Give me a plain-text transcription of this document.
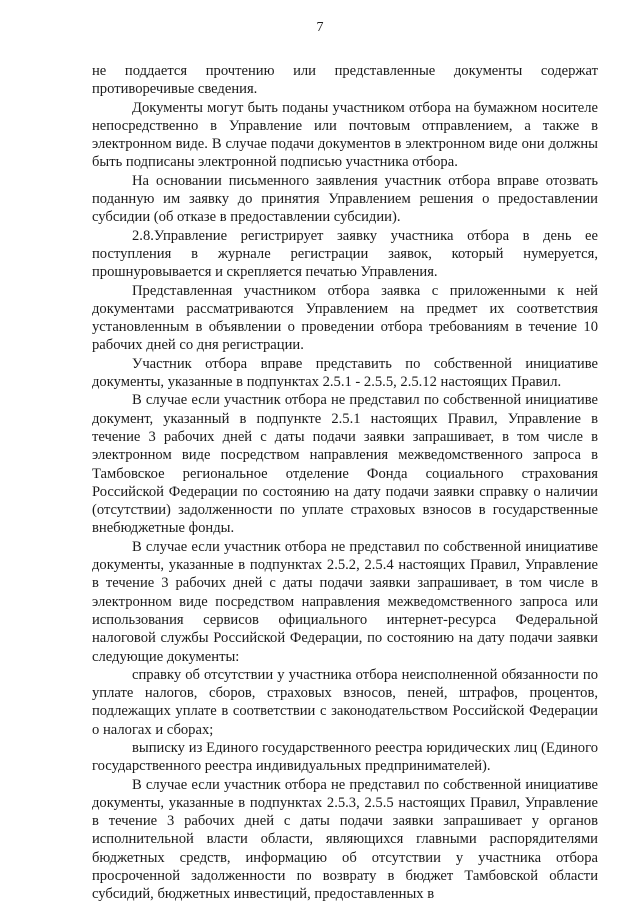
7

не поддается прочтению или представленные документы содержат противоречивые сведения.

Документы могут быть поданы участником отбора на бумажном носителе непосредственно в Управление или почтовым отправлением, а также в электронном виде. В случае подачи документов в электронном виде они должны быть подписаны электронной подписью участника отбора.

На основании письменного заявления участник отбора вправе отозвать поданную им заявку до принятия Управлением решения о предоставлении субсидии (об отказе в предоставлении субсидии).

2.8.Управление регистрирует заявку участника отбора в день ее поступления в журнале регистрации заявок, который нумеруется, прошнуровывается и скрепляется печатью Управления.

Представленная участником отбора заявка с приложенными к ней документами рассматриваются Управлением на предмет их соответствия установленным в объявлении о проведении отбора требованиям в течение 10 рабочих дней со дня регистрации.

Участник отбора вправе представить по собственной инициативе документы, указанные в подпунктах 2.5.1 - 2.5.5, 2.5.12 настоящих Правил.

В случае если участник отбора не представил по собственной инициативе документ, указанный в подпункте 2.5.1 настоящих Правил, Управление в течение 3 рабочих дней с даты подачи заявки запрашивает, в том числе в электронном виде посредством направления межведомственного запроса в Тамбовское региональное отделение Фонда социального страхования Российской Федерации по состоянию на дату подачи заявки справку о наличии (отсутствии) задолженности по уплате страховых взносов в государственные внебюджетные фонды.

В случае если участник отбора не представил по собственной инициативе документы, указанные в подпунктах 2.5.2, 2.5.4 настоящих Правил, Управление в течение 3 рабочих дней с даты подачи заявки запрашивает, в том числе в электронном виде посредством направления межведомственного запроса или использования сервисов официального интернет-ресурса Федеральной налоговой службы Российской Федерации, по состоянию на дату подачи заявки следующие документы:

справку об отсутствии у участника отбора неисполненной обязанности по уплате налогов, сборов, страховых взносов, пеней, штрафов, процентов, подлежащих уплате в соответствии с законодательством Российской Федерации о налогах и сборах;

выписку из Единого государственного реестра юридических лиц (Единого государственного реестра индивидуальных предпринимателей).

В случае если участник отбора не представил по собственной инициативе документы, указанные в подпунктах 2.5.3, 2.5.5 настоящих Правил, Управление в течение 3 рабочих дней с даты подачи заявки запрашивает у органов исполнительной власти области, являющихся главными распорядителями бюджетных средств, информацию об отсутствии у участника отбора просроченной задолженности по возврату в бюджет Тамбовской области субсидий, бюджетных инвестиций, предоставленных в
